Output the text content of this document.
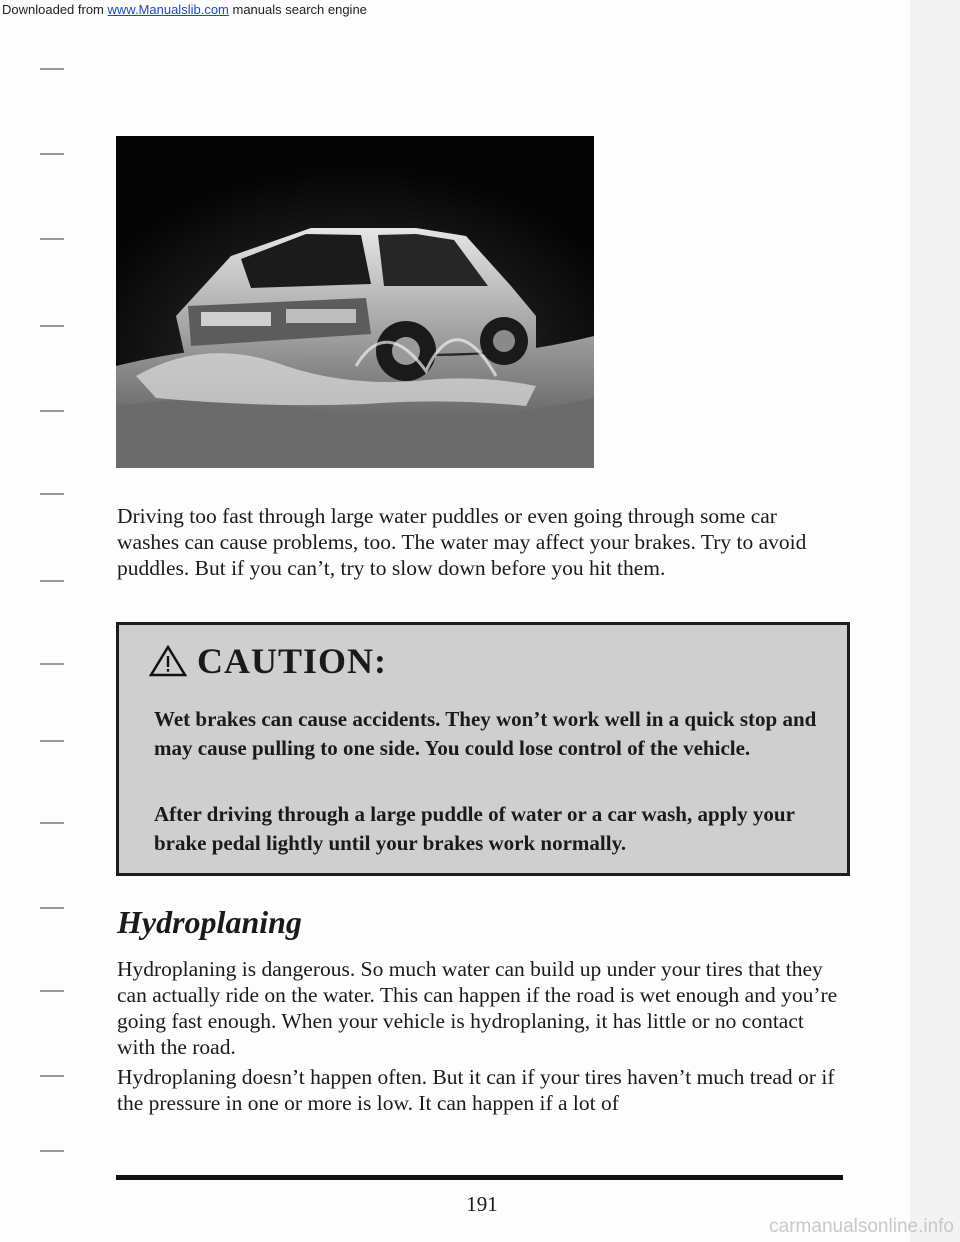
Downloaded from www.Manualslib.com manuals search engine

Driving too fast through large water puddles or even going through some car washes can cause problems, too. The water may affect your brakes. Try to avoid puddles. But if you can’t, try to slow down before you hit them.

CAUTION:

Wet brakes can cause accidents. They won’t work well in a quick stop and may cause pulling to one side. You could lose control of the vehicle.

After driving through a large puddle of water or a car wash, apply your brake pedal lightly until your brakes work normally.

Hydroplaning

Hydroplaning is dangerous. So much water can build up under your tires that they can actually ride on the water. This can happen if the road is wet enough and you’re going fast enough. When your vehicle is hydroplaning, it has little or no contact with the road.

Hydroplaning doesn’t happen often. But it can if your tires haven’t much tread or if the pressure in one or more is low. It can happen if a lot of

191
carmanualsonline.info
